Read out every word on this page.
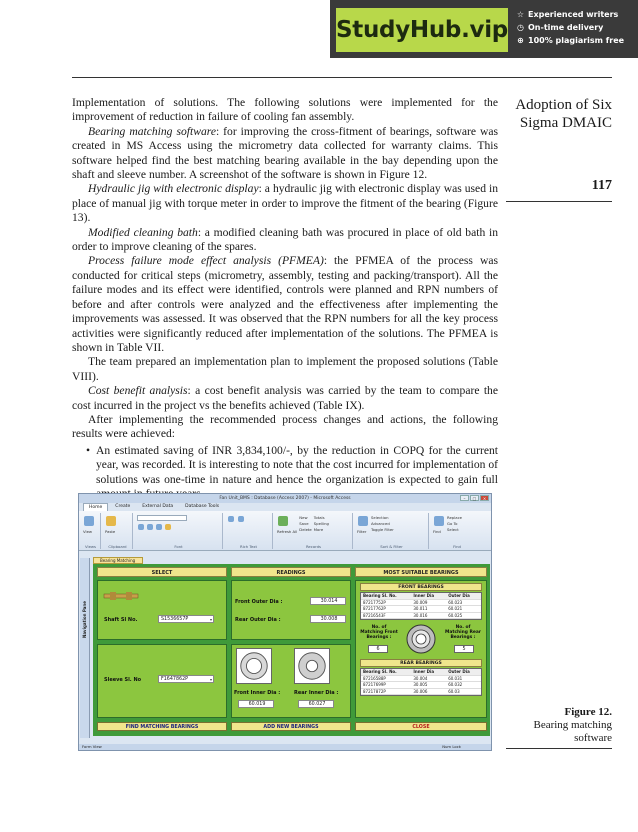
StudyHub.vip
☆ Experienced writers
◷ On-time delivery
⊕ 100% plagiarism free
Adoption of Six
Sigma DMAIC
117

Implementation of solutions. The following solutions were implemented for the improvement of reduction in failure of cooling fan assembly.

Bearing matching software: for improving the cross-fitment of bearings, software was created in MS Access using the micrometry data collected for warranty claims. This software helped find the best matching bearing available in the bay depending upon the shaft and sleeve number. A screenshot of the software is shown in Figure 12.

Hydraulic jig with electronic display: a hydraulic jig with electronic display was used in place of manual jig with torque meter in order to improve the fitment of the bearing (Figure 13).

Modified cleaning bath: a modified cleaning bath was procured in place of old bath in order to improve cleaning of the spares.

Process failure mode effect analysis (PFMEA): the PFMEA of the process was conducted for critical steps (micrometry, assembly, testing and packing/transport). All the failure modes and its effect were identified, controls were planned and RPN numbers of before and after controls were analyzed and the effectiveness after implementing the improvements was assessed. It was observed that the RPN numbers for all the key process activities were significantly reduced after implementation of the solutions. The PFMEA is shown in Table VII.

The team prepared an implementation plan to implement the proposed solutions (Table VIII).

Cost benefit analysis: a cost benefit analysis was carried by the team to compare the cost incurred in the project vs the benefits achieved (Table IX).

After implementing the recommended process changes and actions, the following results were achieved:

• An estimated saving of INR 3,834,100/-, by the reduction in COPQ for the current year, was recorded. It is interesting to note that the cost incurred for implementation of solutions was one-time in nature and hence the organization is expected to gain full
Fan Unit_BMS : Database (Access 2007) - Microsoft Access	–	□	×
Home	Create	External Data	Database Tools
View
Views
Paste
Clipboard	Font
	Rich Text
Refresh All
New
Save
Delete
Totals
Spelling
More
Records
Filter
Selection
Advanced
Toggle Filter
Sort & Filter
Find
Replace
Go To
Select
Find
Navigation Pane
Bearing Matching
SELECT	READINGS	MOST SUITABLE BEARINGS
Shaft Sl No.	S1536657P	▾
Sleeve Sl. No	F1647862P	▾
Front Outer Dia :	30.014
Rear Outer Dia :	30.008
Front Inner Dia :	Rear Inner Dia :
60.019	60.027
FRONT BEARINGS
Bearing Sl. No.	Inner Dia	Outer Dia
87217752P	30.009	60.023
87217762P	30.011	60.021
87216543F	30.016	60.025
No. of Matching Front Bearings :
6
No. of Matching Rear Bearings :
5
REAR BEARINGS
Bearing Sl. No.	Inner Dia	Outer Dia
87216588P	30.004	60.031
87217699P	30.005	60.032
87217872P	30.006	60.03
FIND MATCHING BEARINGS	ADD NEW BEARINGS	CLOSE
Form View	Num Lock
Figure 12.
Bearing matching
software
